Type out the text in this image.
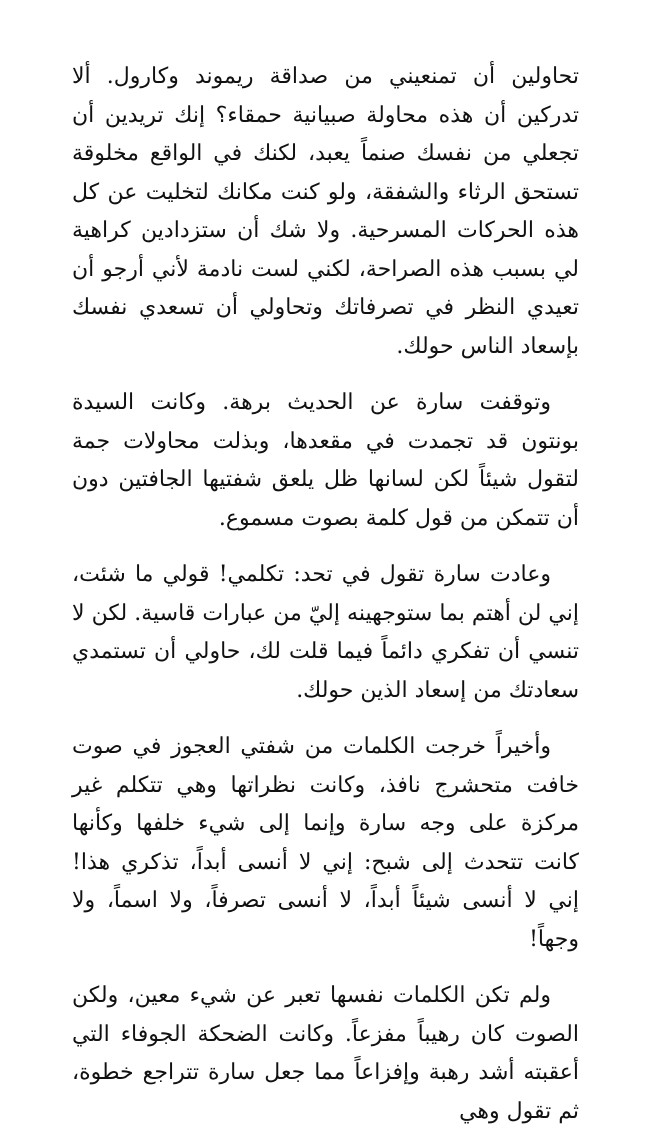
تحاولين أن تمنعيني من صداقة ريموند وكارول. ألا تدركين أن هذه محاولة صبيانية حمقاء؟ إنك تريدين أن تجعلي من نفسك صنماً يعبد، لكنك في الواقع مخلوقة تستحق الرثاء والشفقة، ولو كنت مكانك لتخليت عن كل هذه الحركات المسرحية. ولا شك أن ستزدادين كراهية لي بسبب هذه الصراحة، لكني لست نادمة لأني أرجو أن تعيدي النظر في تصرفاتك وتحاولي أن تسعدي نفسك بإسعاد الناس حولك.

وتوقفت سارة عن الحديث برهة. وكانت السيدة بونتون قد تجمدت في مقعدها، وبذلت محاولات جمة لتقول شيئاً لكن لسانها ظل يلعق شفتيها الجافتين دون أن تتمكن من قول كلمة بصوت مسموع.

وعادت سارة تقول في تحد: تكلمي! قولي ما شئت، إني لن أهتم بما ستوجهينه إليّ من عبارات قاسية. لكن لا تنسي أن تفكري دائماً فيما قلت لك، حاولي أن تستمدي سعادتك من إسعاد الذين حولك.

وأخيراً خرجت الكلمات من شفتي العجوز في صوت خافت متحشرج نافذ، وكانت نظراتها وهي تتكلم غير مركزة على وجه سارة وإنما إلى شيء خلفها وكأنها كانت تتحدث إلى شبح: إني لا أنسى أبداً، تذكري هذا! إني لا أنسى شيئاً أبداً، لا أنسى تصرفاً، ولا اسماً، ولا وجهاً!

ولم تكن الكلمات نفسها تعبر عن شيء معين، ولكن الصوت كان رهيباً مفزعاً. وكانت الضحكة الجوفاء التي أعقبته أشد رهبة وإفزاعاً مما جعل سارة تتراجع خطوة، ثم تقول وهي
